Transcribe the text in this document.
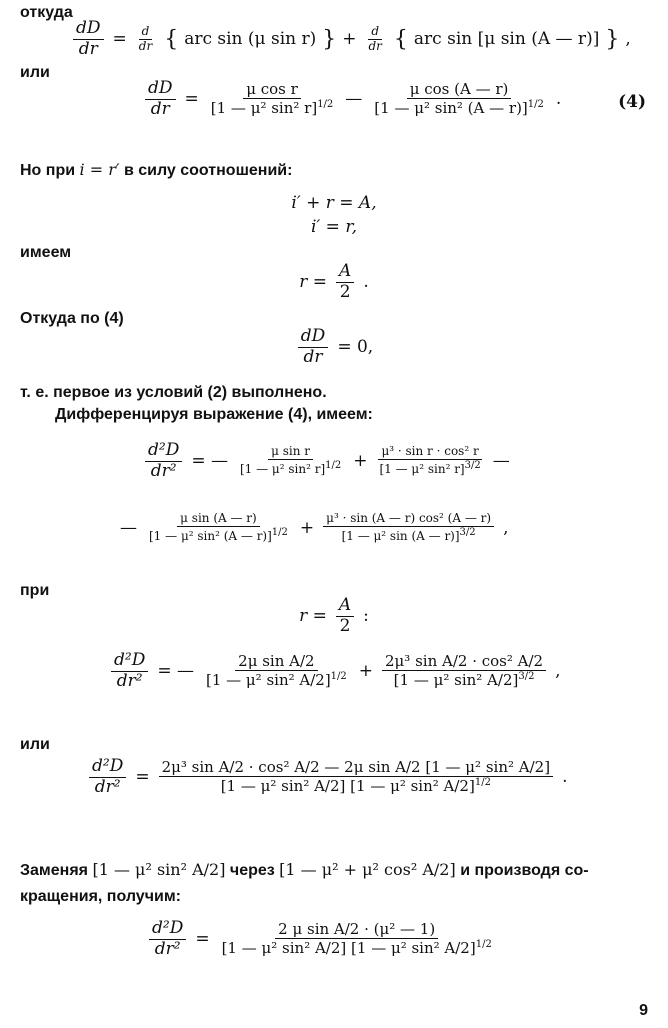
откуда
$\frac{dD}{dr} = \frac{d}{dr}$ { arc sin (μ sin r) } + $\frac{d}{dr}$ { arc sin [μ sin (A — r)] } ,
или
$\frac{dD}{dr} = \frac{\text{μ cos r}}{[1 — \mu^2 \sin^2 r]^{1/2}}$ — $\frac{\text{μ cos (A — r)}}{[1 — \mu^2 \sin^2 (A — r)]^{1/2}}$ .	(4)
Но при i = r′ в силу соотношений:
i′ + r = A,
i′ = r,
имеем
$r = \frac{A}{2}$ .
Откуда по (4)
$\frac{dD}{dr} = 0$,
т. е. первое из условий (2) выполнено.
Дифференцируя выражение (4), имеем:
$\frac{\text{d²D}}{\text{dr²}}$ = — $\frac{\text{μ sin r}}{[1 — \mu^2 \sin^2 r]^{1/2}} + \frac{\text{μ³ · sin r · cos² r}}{[1 — \mu^2 \sin^2 r]^{3/2}}$ —
— $\frac{\text{μ sin (A — r)}}{[1 — \mu^2 \sin^2 (A — r)]^{1/2}} + \frac{\text{μ³ · sin (A — r) cos² (A — r)}}{[1 — \mu^2 \sin (A — r)]^{3/2}}$ ,
при
$r = \frac{A}{2}$ :
$\frac{\text{d²D}}{\text{dr²}}$ = — $\frac{\text{2μ sin A/2}}{[1 — \mu^2 \sin^2 A/2]^{1/2}} + \frac{\text{2μ³ sin A/2 · cos² A/2}}{[1 — \mu^2 \sin^2 A/2]^{3/2}}$ ,
или
$\frac{\text{d²D}}{\text{dr²}} = \frac{\text{2μ³ sin A/2 · cos² A/2 — 2μ sin A/2 [1 — μ² sin² A/2]}}{[1 — \mu^2 \sin^2 A/2] [1 — \mu^2 \sin^2 A/2]^{1/2}}$ .
Заменяя [1 — μ² sin² A/2] через [1 — μ² + μ² cos² A/2] и производя со-
кращения, получим:
$\frac{\text{d²D}}{\text{dr²}} = \frac{\text{2 μ sin A/2 · (μ² — 1)}}{[1 — \mu^2 \sin^2 A/2] [1 — \mu^2 \sin^2 A/2]^{1/2}}$
9
